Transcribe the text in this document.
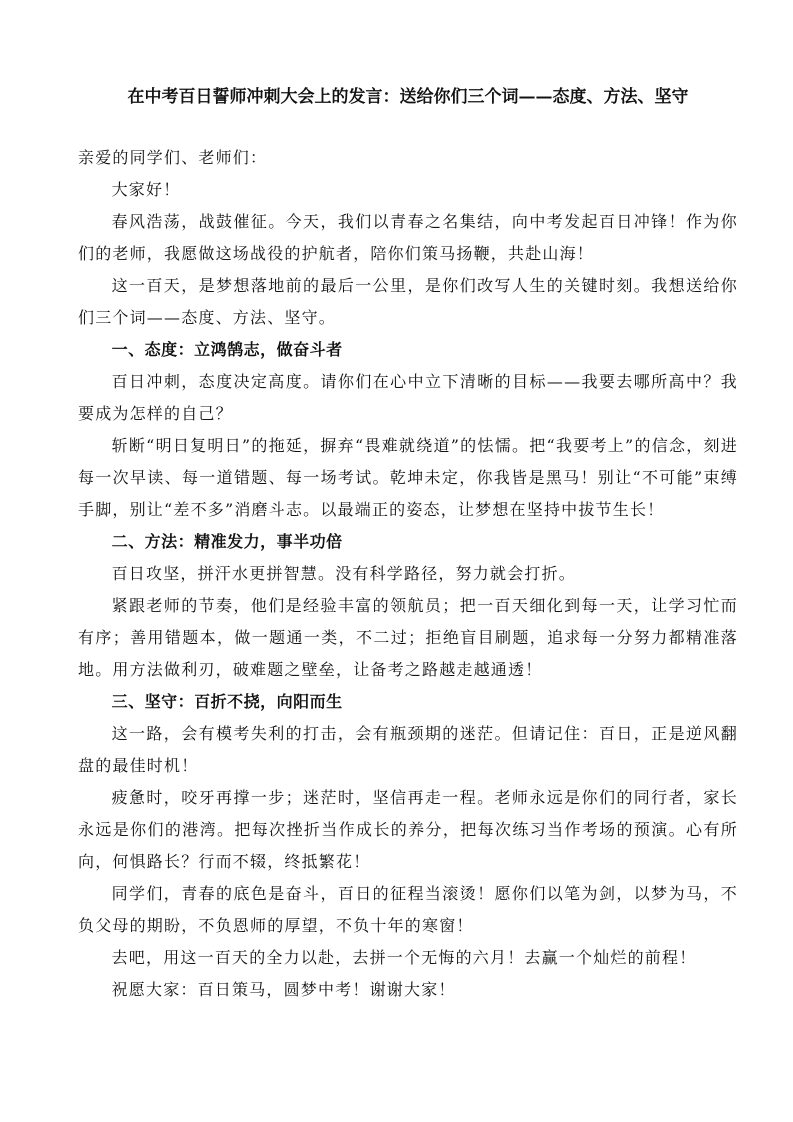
在中考百日誓师冲刺大会上的发言：送给你们三个词——态度、方法、坚守

亲爱的同学们、老师们：

大家好！

春风浩荡，战鼓催征。今天，我们以青春之名集结，向中考发起百日冲锋！作为你们的老师，我愿做这场战役的护航者，陪你们策马扬鞭，共赴山海！

这一百天，是梦想落地前的最后一公里，是你们改写人生的关键时刻。我想送给你们三个词——态度、方法、坚守。

一、态度：立鸿鹄志，做奋斗者

百日冲刺，态度决定高度。请你们在心中立下清晰的目标——我要去哪所高中？我要成为怎样的自己？

斩断“明日复明日”的拖延，摒弃“畏难就绕道”的怯懦。把“我要考上”的信念，刻进每一次早读、每一道错题、每一场考试。乾坤未定，你我皆是黑马！别让“不可能”束缚手脚，别让“差不多”消磨斗志。以最端正的姿态，让梦想在坚持中拔节生长！

二、方法：精准发力，事半功倍

百日攻坚，拼汗水更拼智慧。没有科学路径，努力就会打折。

紧跟老师的节奏，他们是经验丰富的领航员；把一百天细化到每一天，让学习忙而有序；善用错题本，做一题通一类，不二过；拒绝盲目刷题，追求每一分努力都精准落地。用方法做利刃，破难题之壁垒，让备考之路越走越通透！

三、坚守：百折不挠，向阳而生

这一路，会有模考失利的打击，会有瓶颈期的迷茫。但请记住：百日，正是逆风翻盘的最佳时机！

疲惫时，咬牙再撑一步；迷茫时，坚信再走一程。老师永远是你们的同行者，家长永远是你们的港湾。把每次挫折当作成长的养分，把每次练习当作考场的预演。心有所向，何惧路长？行而不辍，终抵繁花！

同学们，青春的底色是奋斗，百日的征程当滚烫！愿你们以笔为剑，以梦为马，不负父母的期盼，不负恩师的厚望，不负十年的寒窗！

去吧，用这一百天的全力以赴，去拼一个无悔的六月！去赢一个灿烂的前程！

祝愿大家：百日策马，圆梦中考！谢谢大家！
